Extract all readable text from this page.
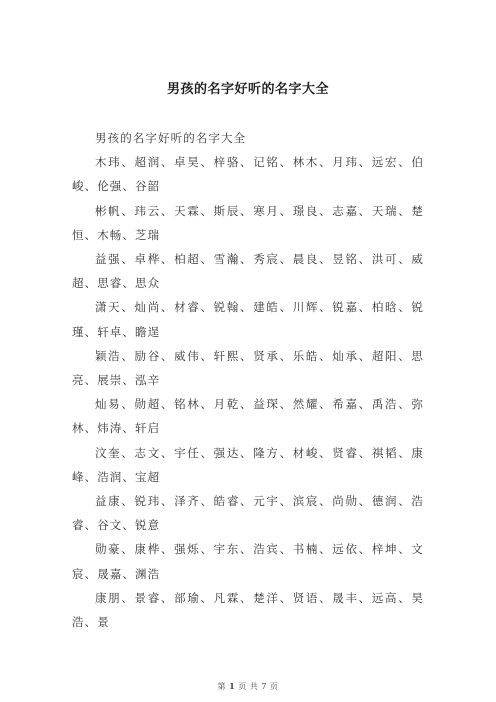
男孩的名字好听的名字大全

男孩的名字好听的名字大全

木玮、超润、卓昊、梓骆、记铭、林木、月玮、远宏、伯峻、伦强、谷韶

彬帆、玮云、天霖、斯辰、寒月、璟良、志嘉、天瑞、楚恒、木畅、芝瑞

益强、卓桦、柏超、雪瀚、秀宸、晨良、昱铭、洪可、威超、思睿、思众

潇天、灿尚、材睿、锐翰、建皓、川辉、锐嘉、柏晗、锐瑾、轩卓、瞻逞

颖浩、励谷、威伟、轩熙、贤承、乐皓、灿承、超阳、思亮、展崇、泓辛

灿易、勋超、铭林、月乾、益琛、然耀、希嘉、禹浩、弥林、炜涛、轩启

汶奎、志文、宇任、强达、隆方、材峻、贤睿、祺韬、康峰、浩润、宝超

益康、锐玮、泽齐、皓睿、元宇、滨宸、尚勋、德润、浩睿、谷文、锐意

勋豪、康桦、强烁、宇东、浩宾、书楠、远依、梓坤、文宸、晟嘉、渊浩

康朋、景睿、部瑜、凡霖、楚洋、贤语、晟丰、远高、昊浩、景

第 1 页 共 7 页
